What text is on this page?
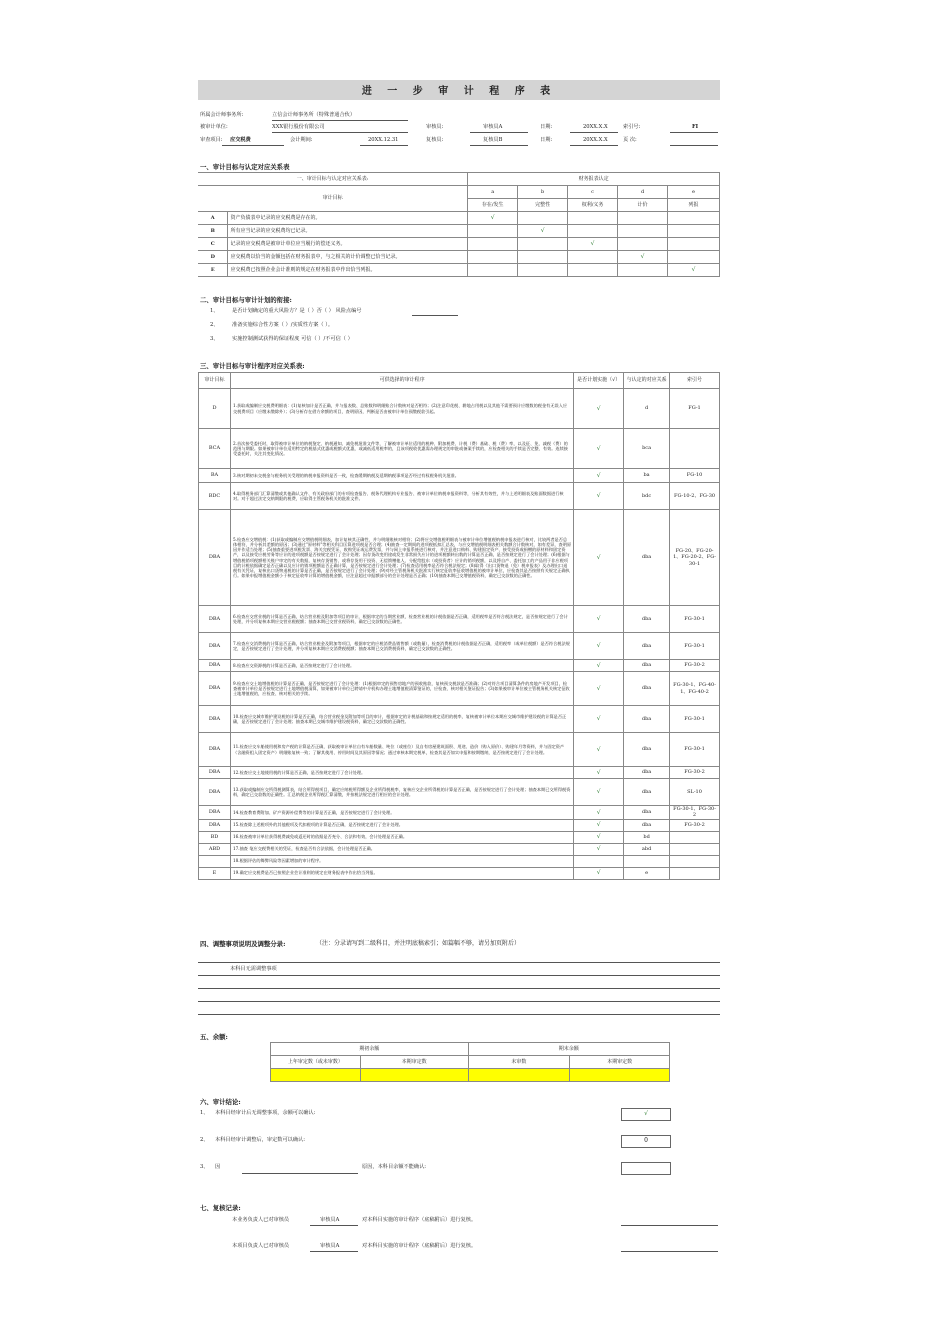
进 一 步 审 计 程 序 表
所属会计师事务所:	立信会计师事务所（特殊普通合伙）
被审计单位:	XXX银行股份有限公司	审核员:	审核员A	日期:	20XX.X.X	索引号:	FI
审查项目: 应交税费	会计期间:	20XX.12.31	复核员:	复核员B	日期:	20XX.X.X	页 次:
一、审计目标与认定对应关系表
一、审计目标与认定对应关系表:		财务报表认定				
审计目标		a	b	c	d	e
		存在/发生	完整性	权利/义务	计价	列报
A	资产负债表中记录的应交税费是存在的。	√				
B	所有应当记录的应交税费均已记录。		√			
C	记录的应交税费是被审计单位应当履行的偿还义务。			√		
D	应交税费以恰当的金额包括在财务报表中，与之相关的计价调整已恰当记录。				√	
E	应交税费已按照企业会计准则的规定在财务报表中作出恰当列报。					√
二、审计目标与审计计划的衔接:
1、	是否计划确定的重大风险方？是（ ）否（ ） 风险点编号
2、	准备实施综合性方案（ ）/实质性方案（ ）。
3、	实施控制测试获得的保证程度 可信（ ）/不可信（ ）
三、审计目标与审计程序对应关系表:
审计目标	可供选择的审计程序	是否计划实施（√）	与认定的对应关系	索引号
D	1.获取或编制应交税费明细表：(1)复核加计是否正确，并与报表数、总账数和明细账合计数核对是否相符；(2)注意印花税、耕地占用税以及其他不需要预计应缴数的税金有无误入应交税费项目（应缴未缴除外）；(3)分析存在借方余额的项目，查明原因，判断是否由被审计单位预缴税款引起。	√	d	FG-1
BCA	2.首次接受委托时，取得被审计单位的纳税鉴定、纳税通知、减免税批准文件等，了解被审计单位适用的税种、附加税费、计税（费）基础、税（费）率，以及征、免、减税（费）的范围与期限。如果被审计单位适用特定的税基式优惠或税额式优惠，或减低适用税率的，且该项税收优惠需办理规定的审批或备案手续的，应检查相关的手续是否完整、有效。连续接受委托时，关注其变化情况。	√	bca	
BA	3.核对期初未交税金与税务机关受理的纳税申报资料是否一致，检查缓期纳税及延期纳税事项是否经过有权税务机关批准。	√	ba	FG-10
BDC	4.取得税务部门汇算清缴或其他确认文件、有关政府部门的专项检查报告、税务代理机构专业报告、被审计单位纳税申报资料等，分析其有效性，并与上述明细表及账面数据进行核对。对于超过法定交纳期限的税费，应取得主管税务机关的批准文件。	√	bdc	FG-10-2、FG-30
DBA	5.检查应交增值税：(1)获取或编制应交增值税明细表，加计复核其正确性，并与明细账核对相符；(2)将应交增值税明细表与被审计单位增值税纳税申报表进行核对，比较两者是否总体相符，并分析其差额的原因；(3)通过"原材料"等相关科目匡算进项税是否合理；(4)抽查一定期间的进项税抵扣汇总表，与应交增值税明细表相关数额合计数核对，如有差异，查明原因并作适当处理；(5)抽查重要进项税发票、海关完税凭证、收购凭证或运费发票，并与网上申报系统进行核对，并注意进口购料、购建固定资产、接受投资或捐赠的原材料和固定资产，以及接受应税劳务等应计的进项税额是否按规定进行了会计处理；因存货改变用途或发生非常损失应计的进项税额转出数的计算是否正确，是否按规定进行了会计处理；(6)根据与增值税销项税额相关账户审定的有关数据，复核存货销售、或将存货用于投资、无偿馈赠他人、分配给股东（或投资者）应计的销项税额，以及将自产、委托加工的产品用于非应税项目的计税依据确定是否正确以及应计的销项税额是否正确计算，是否按规定进行会计处理；(7)检查适用税率是否符合税法规定；(8)取得《出口货物退（免）税申报表》及办理出口退税有关凭证，复核出口货物退税的计算是否正确，是否按规定进行了会计处理；(9)对经主管税务机关批准实行核定征收率征收增值税的被审计单位，应检查其是否按照有关规定正确执行。如果申报增值税金额小于核定征收率计算的增值税金额，应注意超过申报额部分的会计处理是否正确；(10)抽查本期已交增值税资料，确定已交款数的正确性。	√	dba	FG-20、FG-20-1、FG-20-2、FG-30-1
DBA	6.检查应交营业税的计算是否正确，结合营业税及附加等项目的审计，根据审定的当期营业额，检查营业税的计税依据是否正确，适用税率是否符合税法规定，是否按规定进行了会计处理，并分项复核本期应交营业税税额；抽查本期已交营业税资料，确定已交款数的正确性。	√	dba	FG-30-1
DBA	7.检查应交消费税的计算是否正确，结合营业税金及附加等项目，根据审定的应税消费品销售额（或数量），检查消费税的计税依据是否正确，适用税率（或单位税额）是否符合税法规定，是否按规定进行了会计处理，并分项复核本期应交消费税税额；抽查本期已交消费税资料，确定已交款数的正确性。	√	dba	FG-30-1
DBA	8.检查应交资源税的计算是否正确，是否按规定进行了会计处理。	√	dba	FG-30-2
DBA	9.检查应交土地增值税的计算是否正确，是否按规定进行了会计处理：(1)根据审定的预售房地产的预收账款，复核预交税款是否准确；(2)对符合项目清算条件的房地产开发项目，检查被审计单位是否按规定进行土地增值税清算，如果被审计单位已聘请中介机构办理土地增值税清算鉴证的，应检查、核对相关鉴证报告；(3)如果被审计单位被主管税务机关核定征收土地增值税的，应检查、核对相关的手续。	√	dba	FG-30-1、FG-40-1、FG-40-2
DBA	10.检查应交城市维护建设税的计算是否正确，结合营业税金及附加等项目的审计，根据审定的计税基础和按规定适用的税率，复核被审计单位本期应交城市维护建设税的计算是否正确，是否按规定进行了会计处理；抽查本期已交城市维护建设税资料，确定已交款数的正确性。	√	dba	FG-30-1
DBA	11.检查应交车船使用税和房产税的计算是否正确，获取被审计单位自有车船数量、吨位（或座位）及自有房屋建筑面积、用途、造价（购入原价）、购建年月等资料，并与固定资产（含融资租入固定资产）明细账复核一致；了解其使用、停用时间及其原因等情况；通过审核本期完税单，检查其是否如实申报和按期缴纳，是否按规定进行了会计处理。	√	dba	FG-30-1
DBA	12.检查应交土地使用税的计算是否正确，是否按规定进行了会计处理。	√	dba	FG-30-2
DBA	13.获取或编制应交所得税测算表，结合所得税项目，确定应纳税所得额及企业所得税税率，复核应交企业所得税的计算是否正确，是否按规定进行了会计处理；抽查本期已交所得税资料，确定已交款数的正确性。汇总纳税企业所得税汇算清缴，并按税法规定进行相应的会计处理。	√	dba	SL-10
DBA	14.检查教育费附加、矿产资源补偿费等的计算是否正确，是否按规定进行了会计处理。	√	dba	FG-30-1、FG-30-2
DBA	15.检查除上述税项外的其他税项及代扣税项的计算是否正确，是否按规定进行了会计处理。	√	dba	FG-30-2
BD	16.检查被审计单位获得税费减免或返还时的依据是否充分、合法和有效，会计处理是否正确。	√	bd	
ABD	17.抽查 笔应交税费相关的凭证，检查是否有合法依据，会计处理是否正确。	√	abd	
	18.根据评估的舞弊风险等因素增加的审计程序。			
E	19.确定应交税费是否已按照企业会计准则的规定在财务报表中作出恰当列报。	√	e	
四、调整事项说明及调整分录:	（注：分录请写到二级科目，并注明底稿索引；如篇幅不够，请另加页附后）
本科目无需调整事项
五、余额:
期初余额		期末余额	
上年审定数（或未审数）	本期审定数	未审数	本期审定数

六、审计结论:
1、 本科目经审计后无调整事项，余额可以确认:	√
2、 本科目经审计调整后，审定数可以确认:	0
3、 因	原因，本科目余额不能确认:
七、复核记录:
本业务负责人已对审核员	审核员A	对本科目实施的审计程序（底稿附后）进行复核。
本项目负责人已对审核员	审核员A	对本科目实施的审计程序（底稿附后）进行复核。
